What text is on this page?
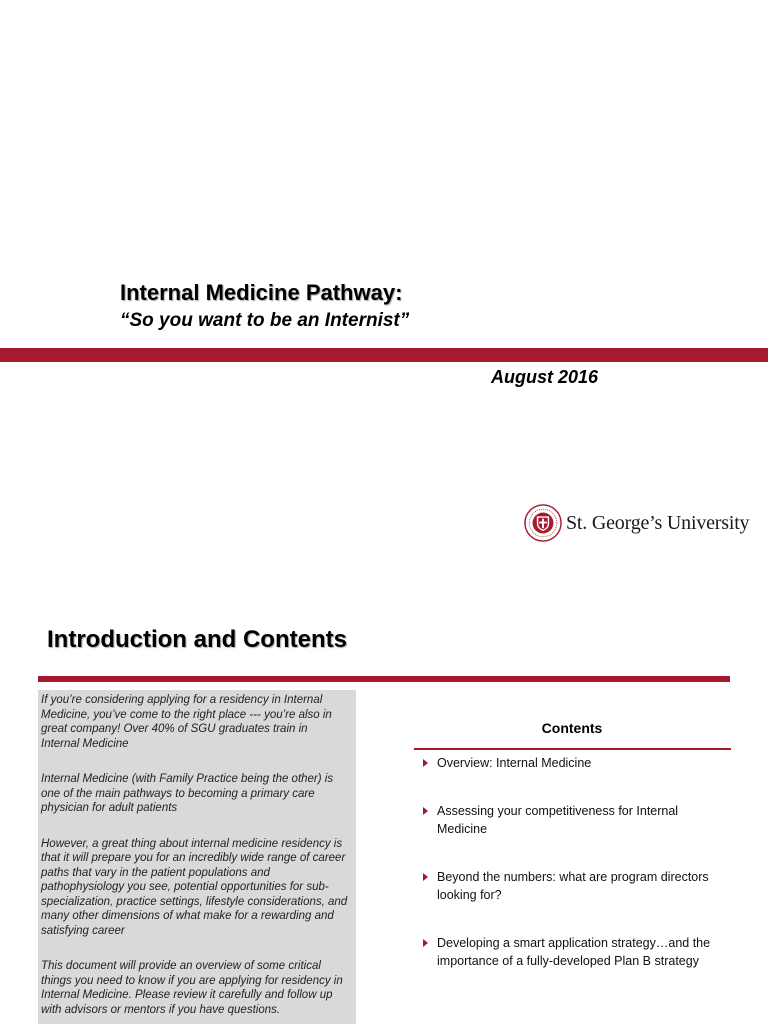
Internal Medicine Pathway:
“So you want to be an Internist”
August 2016
St. George’s University
Introduction and Contents

If you’re considering applying for a residency in Internal Medicine, you’ve come to the right place --- you’re also in great company! Over 40% of SGU graduates train in Internal Medicine

Internal Medicine (with Family Practice being the other) is one of the main pathways to becoming a primary care physician for adult patients

However, a great thing about internal medicine residency is that it will prepare you for an incredibly wide range of career paths that vary in the patient populations and pathophysiology you see, potential opportunities for sub-specialization, practice settings, lifestyle considerations, and many other dimensions of what make for a rewarding and satisfying career

This document will provide an overview of some critical things you need to know if you are applying for residency in Internal Medicine. Please review it carefully and follow up with advisors or mentors if you have questions.

Contents
Overview: Internal Medicine
Assessing your competitiveness for Internal Medicine
Beyond the numbers: what are program directors looking for?
Developing a smart application strategy…and the importance of a fully-developed Plan B strategy
